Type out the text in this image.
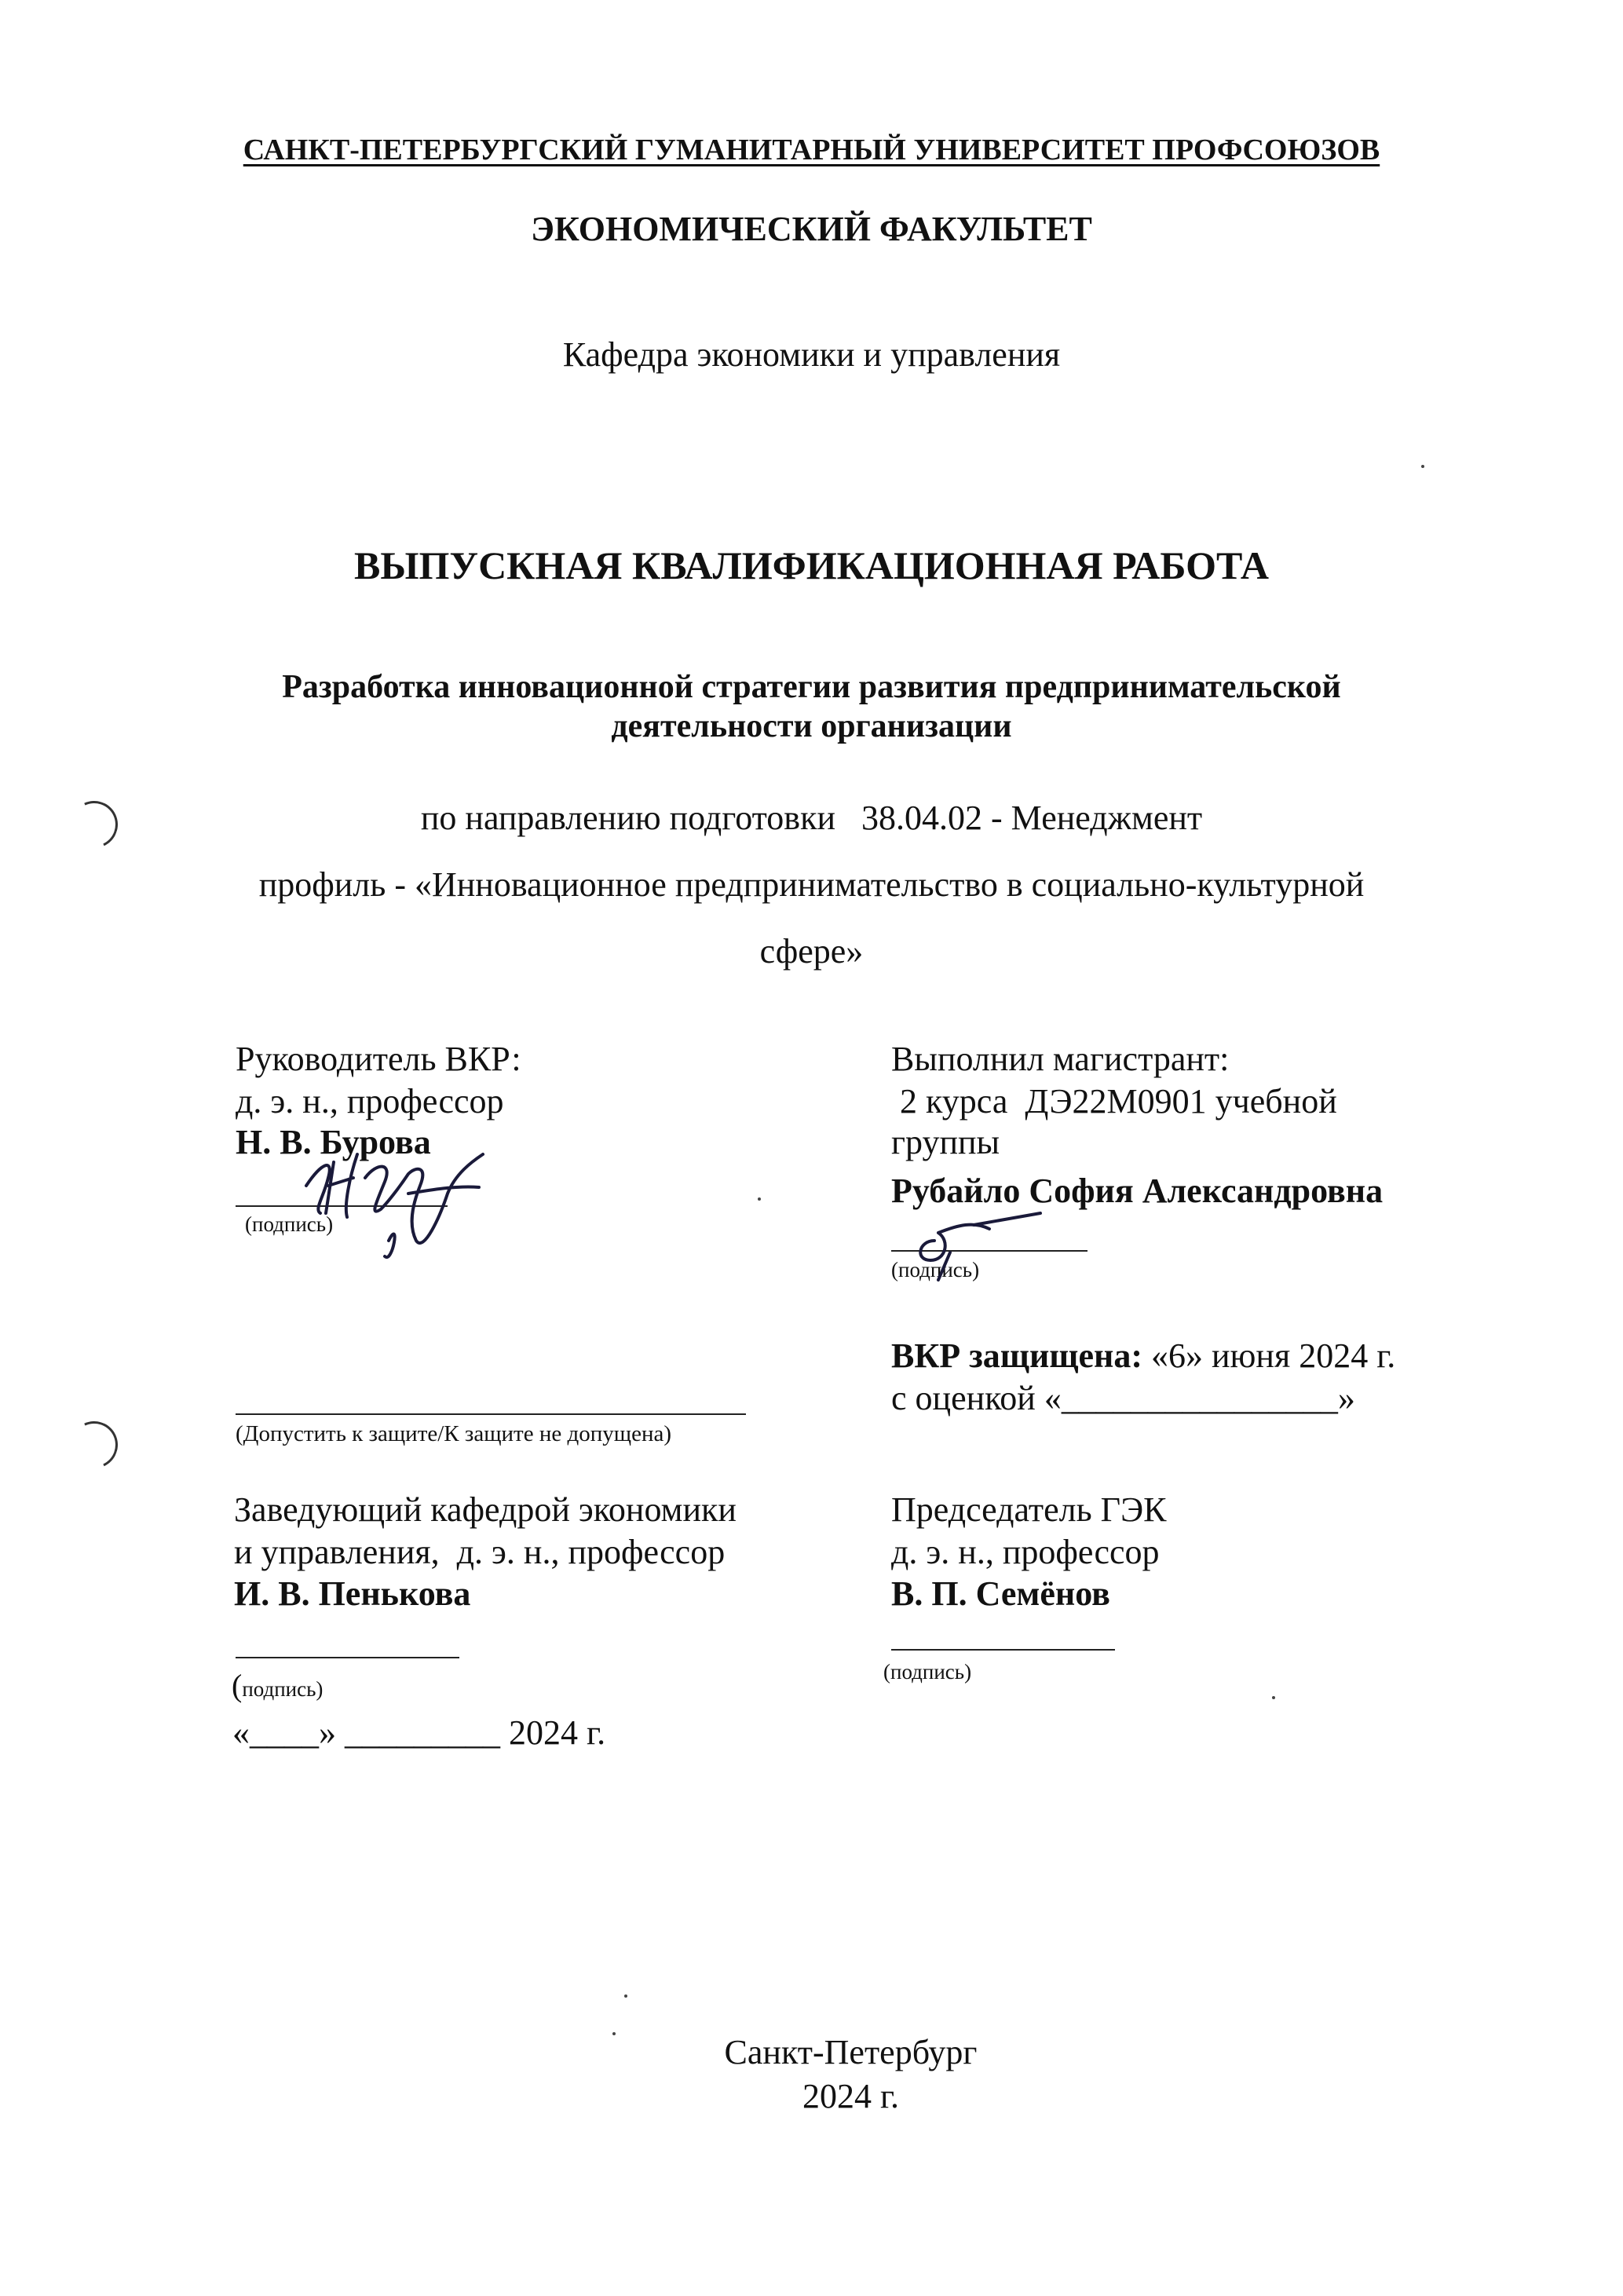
САНКТ-ПЕТЕРБУРГСКИЙ ГУМАНИТАРНЫЙ УНИВЕРСИТЕТ ПРОФСОЮЗОВ
ЭКОНОМИЧЕСКИЙ ФАКУЛЬТЕТ
Кафедра экономики и управления
ВЫПУСКНАЯ КВАЛИФИКАЦИОННАЯ РАБОТА
Разработка инновационной стратегии развития предпринимательской
деятельности организации
по направлению подготовки   38.04.02 - Менеджмент
профиль - «Инновационное предпринимательство в социально-культурной
сфере»
Руководитель ВКР:
д. э. н., профессор
Н. В. Бурова
(подпись)
Выполнил магистрант:
2 курса  ДЭ22М0901 учебной
группы
Рубайло София Александровна
(подпись)
ВКР защищена: «6» июня 2024 г.
с оценкой «________________»
(Допустить к защите/К защите не допущена)
Заведующий кафедрой экономики
и управления,  д. э. н., профессор
И. В. Пенькова
(подпись)
«____» _________ 2024 г.
Председатель ГЭК
д. э. н., профессор
В. П. Семёнов
(подпись)
Санкт-Петербург
2024 г.
